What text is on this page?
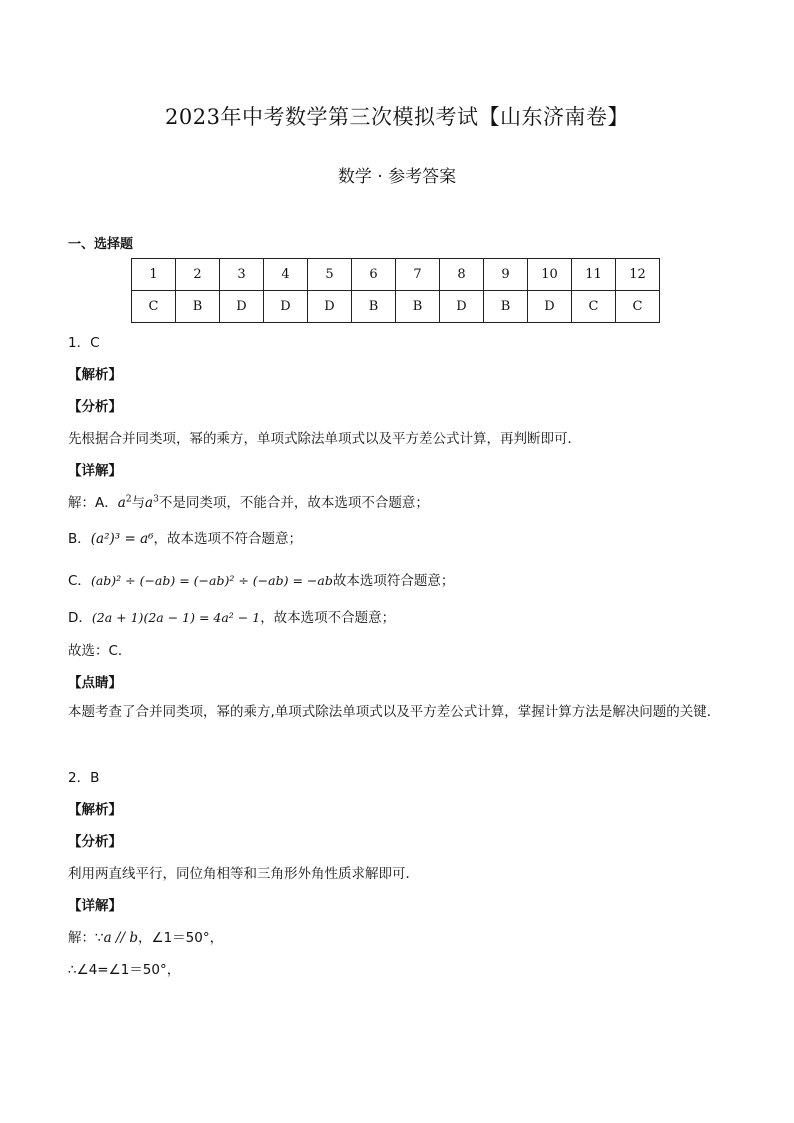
2023年中考数学第三次模拟考试【山东济南卷】
数学 · 参考答案
一、选择题
1	2	3	4	5	6	7	8	9	10	11	12
C	B	D	D	D	B	B	D	B	D	C	C
1．C
【解析】
【分析】
先根据合并同类项，幂的乘方，单项式除法单项式以及平方差公式计算，再判断即可．
【详解】
解：A．$a^2$与$a^3$不是同类项，不能合并，故本选项不合题意；
B．(a²)³ = a⁶，故本选项不符合题意；
C．(ab)² ÷ (−ab) = (−ab)² ÷ (−ab) = −ab故本选项符合题意；
D．(2a + 1)(2a − 1) = 4a² − 1，故本选项不合题意；
故选：C．
【点睛】
本题考查了合并同类项，幂的乘方,单项式除法单项式以及平方差公式计算，掌握计算方法是解决问题的关键．
2．B
【解析】
【分析】
利用两直线平行，同位角相等和三角形外角性质求解即可．
【详解】
解：∵a // b，∠1＝50°，
∴∠4=∠1＝50°，
